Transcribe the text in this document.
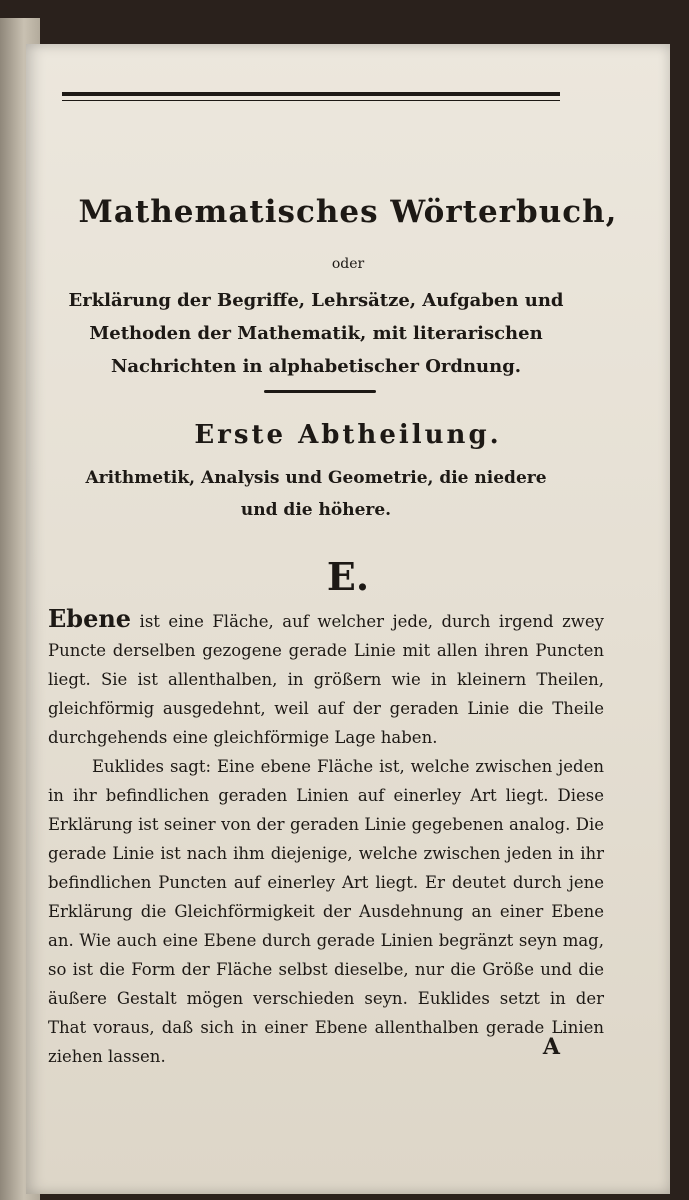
Mathematisches Wörterbuch,
oder
Erklärung der Begriffe, Lehrsätze, Aufgaben und Methoden der Mathematik, mit literarischen Nachrichten in alphabetischer Ordnung.
Erste Abtheilung.
Arithmetik, Analysis und Geometrie, die niedere und die höhere.
E.

Ebene ist eine Fläche, auf welcher jede, durch irgend zwey Puncte derselben gezogene gerade Linie mit allen ihren Puncten liegt. Sie ist allenthalben, in größern wie in kleinern Theilen, gleichförmig ausgedehnt, weil auf der geraden Linie die Theile durchgehends eine gleichförmige Lage haben.

Euklides sagt: Eine ebene Fläche ist, welche zwischen jeden in ihr befindlichen geraden Linien auf einerley Art liegt. Diese Erklärung ist seiner von der geraden Linie gegebenen analog. Die gerade Linie ist nach ihm diejenige, welche zwischen jeden in ihr befindlichen Puncten auf einerley Art liegt. Er deutet durch jene Erklärung die Gleichförmigkeit der Ausdehnung an einer Ebene an. Wie auch eine Ebene durch gerade Linien begränzt seyn mag, so ist die Form der Fläche selbst dieselbe, nur die Größe und die äußere Gestalt mögen verschieden seyn. Euklides setzt in der That voraus, daß sich in einer Ebene allenthalben gerade Linien ziehen lassen.	A
